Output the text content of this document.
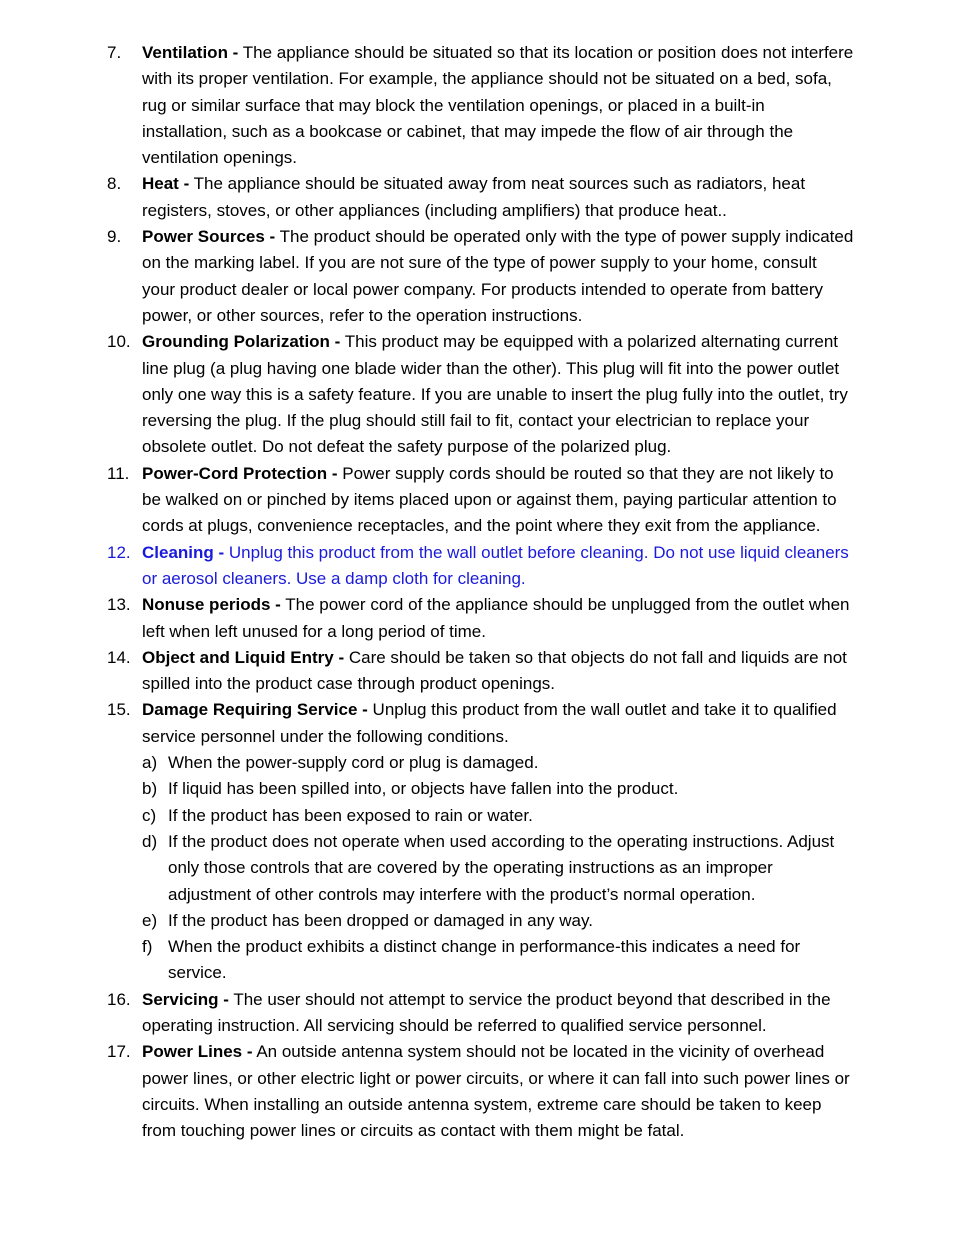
7. Ventilation - The appliance should be situated so that its location or position does not interfere with its proper ventilation. For example, the appliance should not be situated on a bed, sofa, rug or similar surface that may block the ventilation openings, or placed in a built-in installation, such as a bookcase or cabinet, that may impede the flow of air through the ventilation openings.
8. Heat - The appliance should be situated away from neat sources such as radiators, heat registers, stoves, or other appliances (including amplifiers) that produce heat..
9. Power Sources - The product should be operated only with the type of power supply indicated on the marking label. If you are not sure of the type of power supply to your home, consult your product dealer or local power company. For products intended to operate from battery power, or other sources, refer to the operation instructions.
10. Grounding Polarization - This product may be equipped with a polarized alternating current line plug (a plug having one blade wider than the other). This plug will fit into the power outlet only one way this is a safety feature. If you are unable to insert the plug fully into the outlet, try reversing the plug. If the plug should still fail to fit, contact your electrician to replace your obsolete outlet. Do not defeat the safety purpose of the polarized plug.
11. Power-Cord Protection - Power supply cords should be routed so that they are not likely to be walked on or pinched by items placed upon or against them, paying particular attention to cords at plugs, convenience receptacles, and the point where they exit from the appliance.
12. Cleaning - Unplug this product from the wall outlet before cleaning. Do not use liquid cleaners or aerosol cleaners. Use a damp cloth for cleaning.
13. Nonuse periods - The power cord of the appliance should be unplugged from the outlet when left when left unused for a long period of time.
14. Object and Liquid Entry - Care should be taken so that objects do not fall and liquids are not spilled into the product case through product openings.
15. Damage Requiring Service - Unplug this product from the wall outlet and take it to qualified service personnel under the following conditions.
a) When the power-supply cord or plug is damaged.
b) If liquid has been spilled into, or objects have fallen into the product.
c) If the product has been exposed to rain or water.
d) If the product does not operate when used according to the operating instructions. Adjust only those controls that are covered by the operating instructions as an improper adjustment of other controls may interfere with the product’s normal operation.
e) If the product has been dropped or damaged in any way.
f) When the product exhibits a distinct change in performance-this indicates a need for service.
16. Servicing - The user should not attempt to service the product beyond that described in the operating instruction. All servicing should be referred to qualified service personnel.
17. Power Lines - An outside antenna system should not be located in the vicinity of overhead power lines, or other electric light or power circuits, or where it can fall into such power lines or circuits. When installing an outside antenna system, extreme care should be taken to keep from touching power lines or circuits as contact with them might be fatal.
